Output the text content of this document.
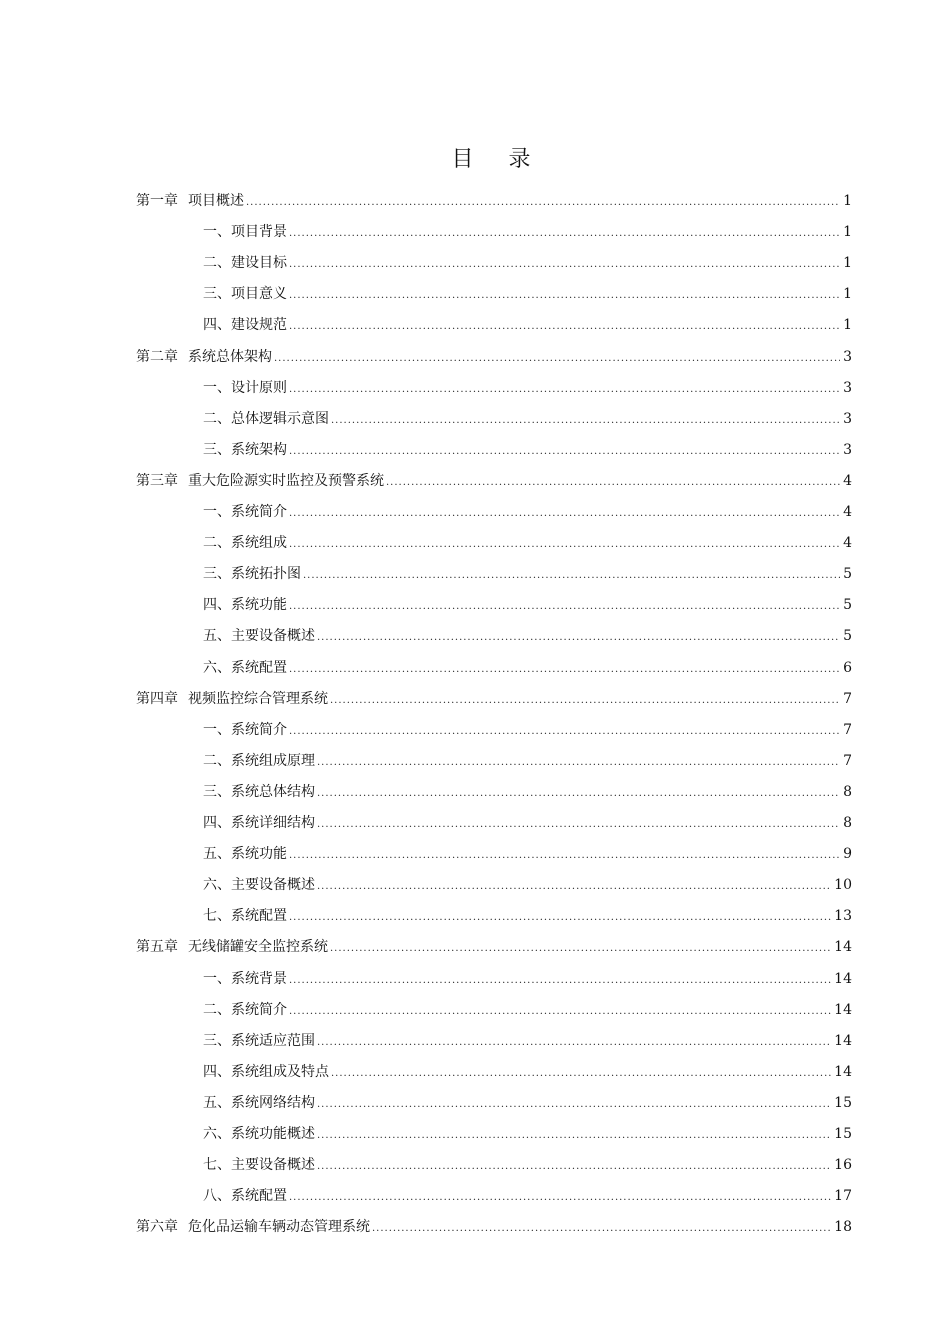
目 录
第一章 项目概述 .....	1
一、项目背景 .....	1
二、建设目标 .....	1
三、项目意义 .....	1
四、建设规范 .....	1
第二章 系统总体架构 .....	3
一、设计原则 .....	3
二、总体逻辑示意图 .....	3
三、系统架构 .....	3
第三章 重大危险源实时监控及预警系统 .....	4
一、系统简介 .....	4
二、系统组成 .....	4
三、系统拓扑图 .....	5
四、系统功能 .....	5
五、主要设备概述 .....	5
六、系统配置 .....	6
第四章 视频监控综合管理系统 .....	7
一、系统简介 .....	7
二、系统组成原理 .....	7
三、系统总体结构 .....	8
四、系统详细结构 .....	8
五、系统功能 .....	9
六、主要设备概述 .....	10
七、系统配置 .....	13
第五章 无线储罐安全监控系统 .....	14
一、系统背景 .....	14
二、系统简介 .....	14
三、系统适应范围 .....	14
四、系统组成及特点 .....	14
五、系统网络结构 .....	15
六、系统功能概述 .....	15
七、主要设备概述 .....	16
八、系统配置 .....	17
第六章 危化品运输车辆动态管理系统 .....	18
